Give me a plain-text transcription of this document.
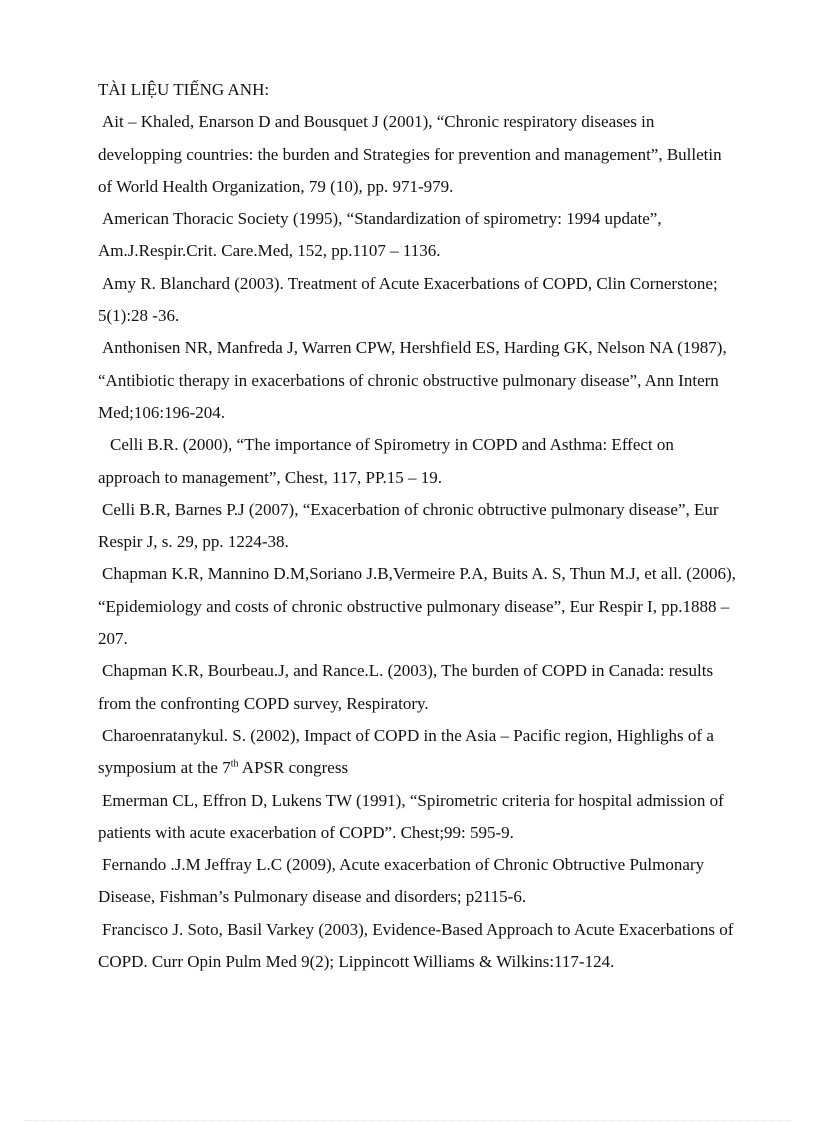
TÀI LIỆU TIẾNG ANH:

Ait – Khaled, Enarson D and Bousquet J (2001), “Chronic respiratory diseases in developping countries: the burden and Strategies for prevention and management”, Bulletin of World Health Organization, 79 (10), pp. 971-979.
American Thoracic Society (1995), “Standardization of spirometry: 1994 update”, Am.J.Respir.Crit. Care.Med, 152, pp.1107 – 1136.
Amy R. Blanchard (2003). Treatment of Acute Exacerbations of COPD, Clin Cornerstone; 5(1):28 -36.
Anthonisen NR, Manfreda J, Warren CPW, Hershfield ES, Harding GK, Nelson NA (1987), “Antibiotic therapy in exacerbations of chronic obstructive pulmonary disease”, Ann Intern Med;106:196-204.
Celli B.R. (2000), “The importance of Spirometry in COPD and Asthma: Effect on approach to management”, Chest, 117, PP.15 – 19.
Celli B.R, Barnes P.J (2007), “Exacerbation of chronic obtructive pulmonary disease”, Eur Respir J, s. 29, pp. 1224-38.
Chapman K.R, Mannino D.M,Soriano J.B,Vermeire P.A, Buits A. S, Thun M.J, et all. (2006), “Epidemiology and costs of chronic obstructive pulmonary disease”, Eur Respir I, pp.1888 – 207.
Chapman K.R, Bourbeau.J, and Rance.L. (2003), The burden of COPD in Canada: results from the confronting COPD survey, Respiratory.
Charoenratanykul. S. (2002), Impact of COPD in the Asia – Pacific region, Highlighs of a symposium at the 7th APSR congress
Emerman CL, Effron D, Lukens TW (1991), “Spirometric criteria for hospital admission of patients with acute exacerbation of COPD”. Chest;99: 595-9.
Fernando .J.M Jeffray L.C (2009), Acute exacerbation of Chronic Obtructive Pulmonary Disease, Fishman’s Pulmonary disease and disorders; p2115-6.
Francisco J. Soto, Basil Varkey (2003), Evidence-Based Approach to Acute Exacerbations of COPD. Curr Opin Pulm Med 9(2); Lippincott Williams & Wilkins:117-124.
